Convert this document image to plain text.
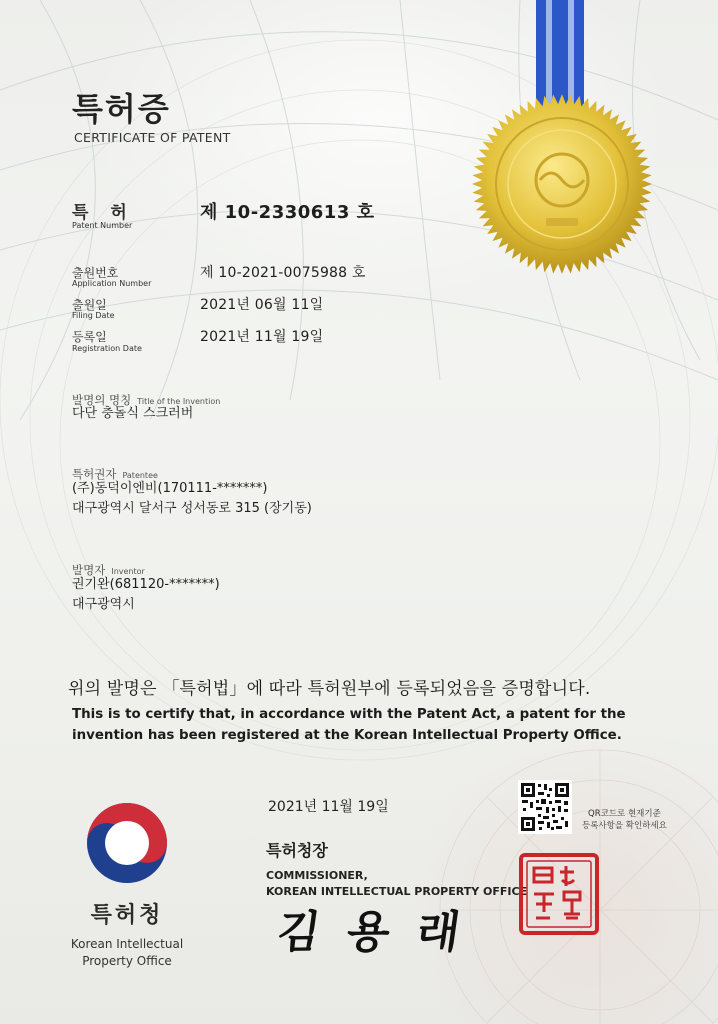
특허증
CERTIFICATE OF PATENT
특 허
Patent Number
제 10-2330613 호
출원번호
Application Number
제 10-2021-0075988 호
출원일
Filing Date
2021년 06월 11일
등록일
Registration Date
2021년 11월 19일
발명의 명칭 Title of the Invention
다단 충돌식 스크러버
특허권자 Patentee
(주)동덕이엔비(170111-*******)
대구광역시 달서구 성서동로 315 (장기동)
발명자 Inventor
권기완(681120-*******)
대구광역시
위의 발명은 「특허법」에 따라 특허원부에 등록되었음을 증명합니다.
This is to certify that, in accordance with the Patent Act, a patent for the invention has been registered at the Korean Intellectual Property Office.
2021년 11월 19일	QR코드로 현재기준
등록사항을 확인하세요
특허청장
COMMISSIONER,
KOREAN INTELLECTUAL PROPERTY OFFICE
김 용 래
특허청
Korean Intellectual Property Office
